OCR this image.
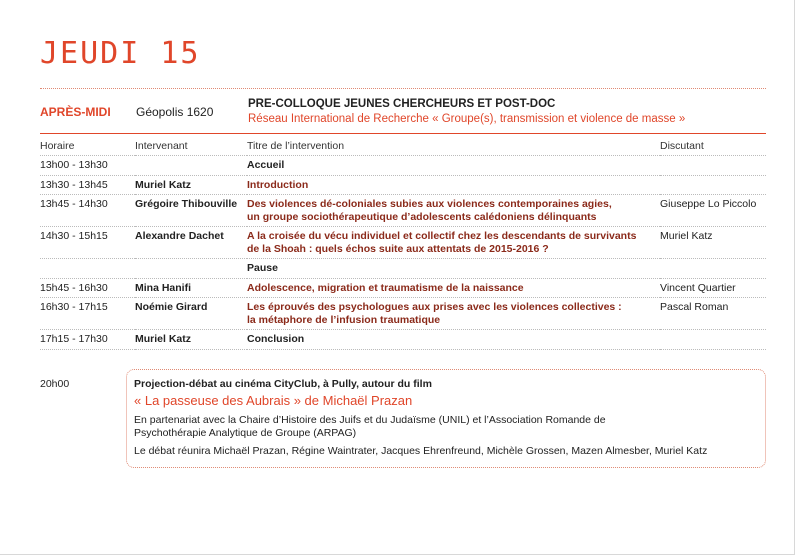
JEUDI 15
APRÈS-MIDI Géopolis 1620
PRE-COLLOQUE JEUNES CHERCHEURS ET POST-DOC
Réseau International de Recherche « Groupe(s), transmission et violence de masse »
Horaire	Intervenant	Titre de l’intervention	Discutant
13h00 - 13h30		Accueil	
13h30 - 13h45	Muriel Katz	Introduction	
13h45 - 14h30	Grégoire Thibouville	Des violences dé-coloniales subies aux violences contemporaines agies,
un groupe sociothérapeutique d’adolescents calédoniens délinquants	Giuseppe Lo Piccolo
14h30 - 15h15	Alexandre Dachet	A la croisée du vécu individuel et collectif chez les descendants de survivants
de la Shoah : quels échos suite aux attentats de 2015-2016 ?	Muriel Katz
		Pause	
15h45 - 16h30	Mina Hanifi	Adolescence, migration et traumatisme de la naissance	Vincent Quartier
16h30 - 17h15	Noémie Girard	Les éprouvés des psychologues aux prises avec les violences collectives :
la métaphore de l’infusion traumatique	Pascal Roman
17h15 - 17h30	Muriel Katz	Conclusion	
20h00	Projection-débat au cinéma CityClub, à Pully, autour du film
« La passeuse des Aubrais » de Michaël Prazan
En partenariat avec la Chaire d’Histoire des Juifs et du Judaïsme (UNIL) et l’Association Romande de Psychothérapie Analytique de Groupe (ARPAG)
Le débat réunira Michaël Prazan, Régine Waintrater, Jacques Ehrenfreund, Michèle Grossen, Mazen Almesber, Muriel Katz
